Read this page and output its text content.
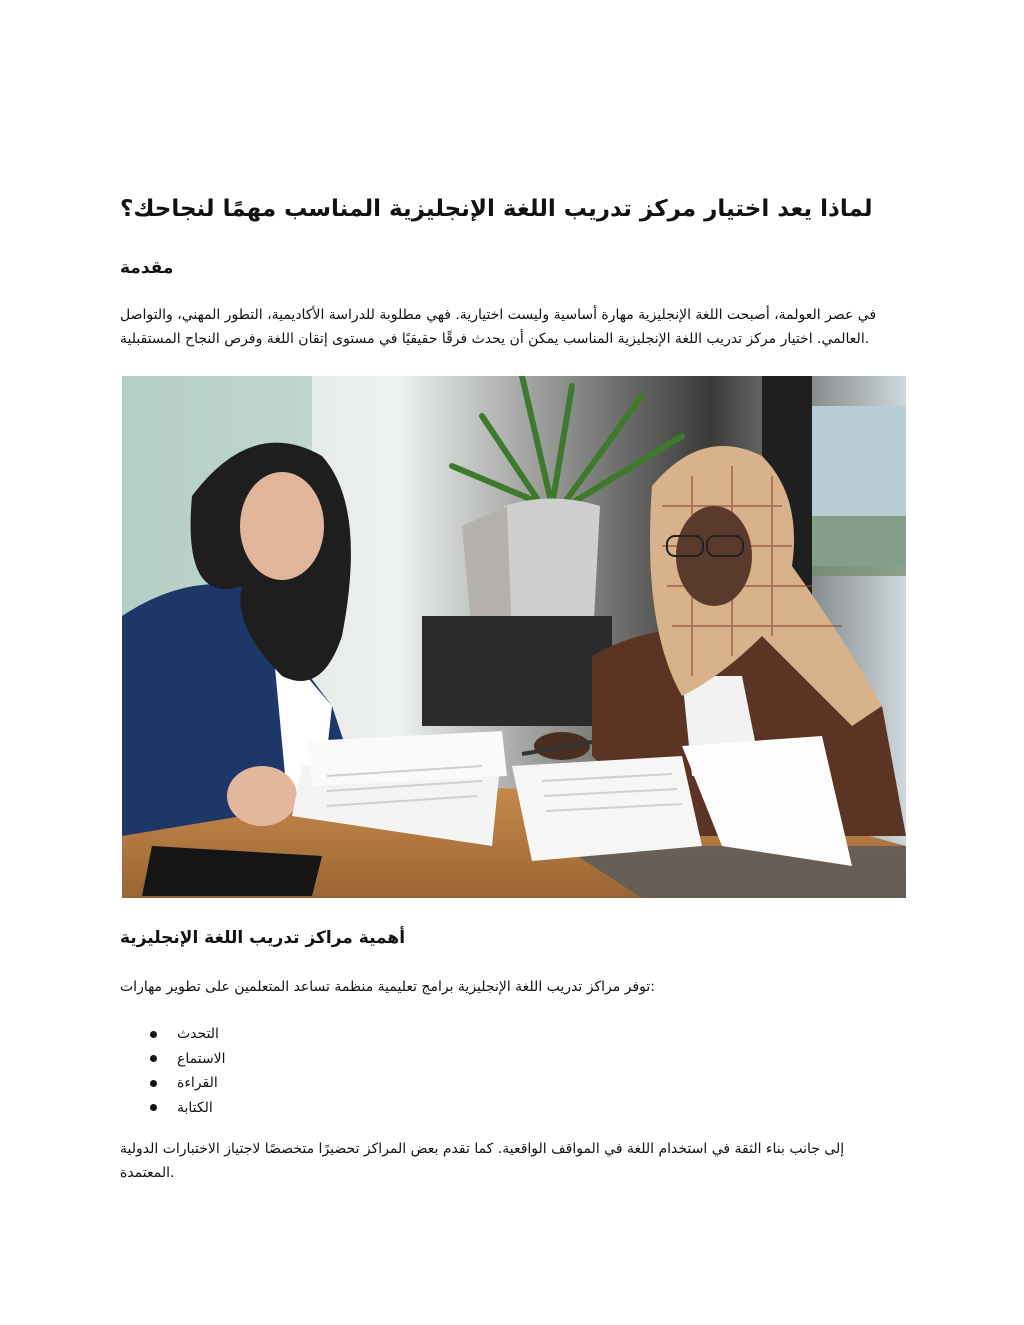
لماذا يعد اختيار مركز تدريب اللغة الإنجليزية المناسب مهمًا لنجاحك؟
مقدمة

في عصر العولمة، أصبحت اللغة الإنجليزية مهارة أساسية وليست اختيارية. فهي مطلوبة للدراسة الأكاديمية، التطور المهني، والتواصل

العالمي. اختيار مركز تدريب اللغة الإنجليزية المناسب يمكن أن يحدث فرقًا حقيقيًا في مستوى إتقان اللغة وفرص النجاح المستقبلية.

أهمية مراكز تدريب اللغة الإنجليزية

توفر مراكز تدريب اللغة الإنجليزية برامج تعليمية منظمة تساعد المتعلمين على تطوير مهارات:

التحدث
الاستماع
القراءة
الكتابة

إلى جانب بناء الثقة في استخدام اللغة في المواقف الواقعية. كما تقدم بعض المراكز تحضيرًا متخصصًا لاجتياز الاختبارات الدولية

المعتمدة.
